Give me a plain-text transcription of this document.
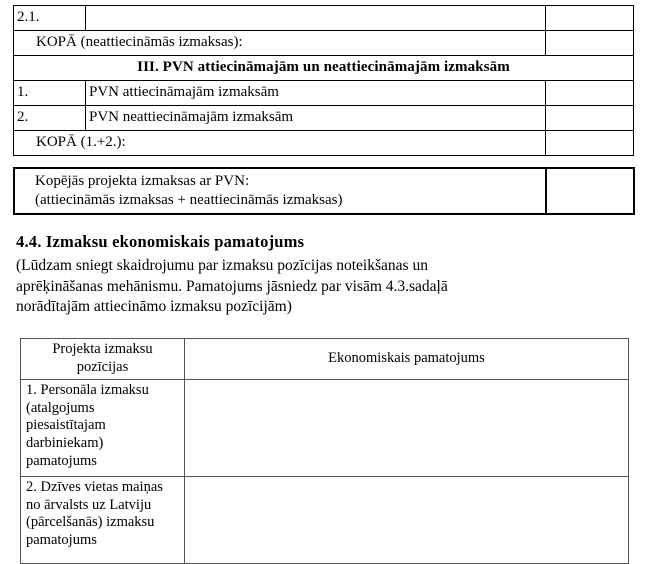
2.1.		
KOPĀ (neattiecināmās izmaksas):		
III. PVN attiecināmajām un neattiecināmajām izmaksām		
1.	PVN attiecināmajām izmaksām	
2.	PVN neattiecināmajām izmaksām	
KOPĀ (1.+2.):		
Kopējās projekta izmaksas ar PVN:
(attiecināmās izmaksas + neattiecināmās izmaksas)

4.4. Izmaksu ekonomiskais pamatojums
(Lūdzam sniegt skaidrojumu par izmaksu pozīcijas noteikšanas un
aprēķināšanas mehānismu. Pamatojums jāsniedz par visām 4.3.sadaļā
norādītajām attiecināmo izmaksu pozīcijām)
Projekta izmaksu
pozīcijas	Ekonomiskais pamatojums

1. Personāla izmaksu
(atalgojums
piesaistītajam
darbiniekam)
pamatojums	

2. Dzīves vietas maiņas
no ārvalsts uz Latviju
(pārcelšanās) izmaksu
pamatojums	
